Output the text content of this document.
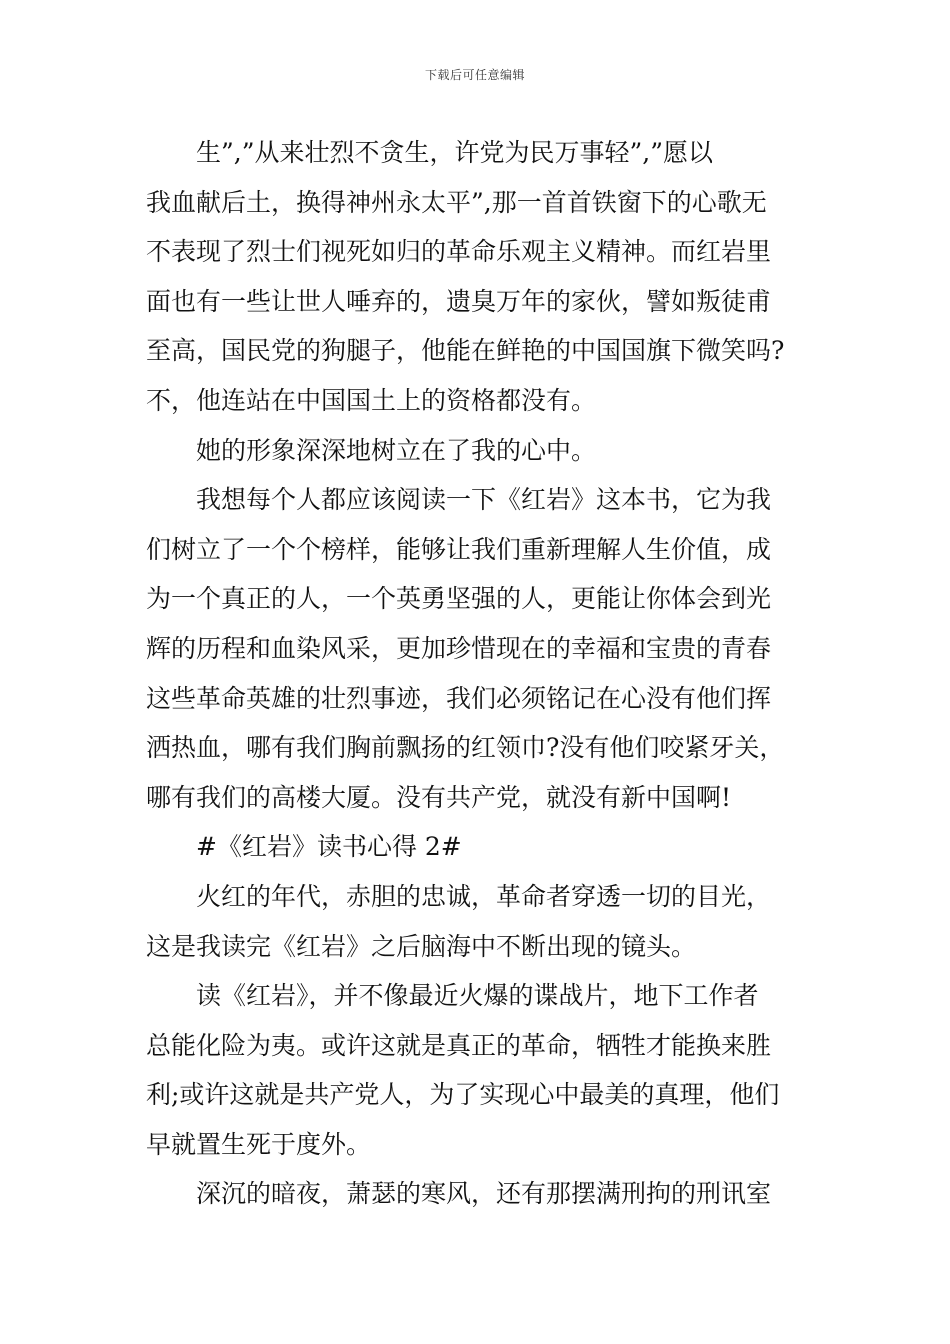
下载后可任意编辑
生”,”从来壮烈不贪生，许党为民万事轻”,”愿以
我血献后土，换得神州永太平”,那一首首铁窗下的心歌无
不表现了烈士们视死如归的革命乐观主义精神。而红岩里
面也有一些让世人唾弃的，遗臭万年的家伙，譬如叛徒甫
至高，国民党的狗腿子，他能在鲜艳的中国国旗下微笑吗?
不，他连站在中国国土上的资格都没有。
她的形象深深地树立在了我的心中。
我想每个人都应该阅读一下《红岩》这本书，它为我
们树立了一个个榜样，能够让我们重新理解人生价值，成
为一个真正的人，一个英勇坚强的人，更能让你体会到光
辉的历程和血染风采，更加珍惜现在的幸福和宝贵的青春
这些革命英雄的壮烈事迹，我们必须铭记在心没有他们挥
洒热血，哪有我们胸前飘扬的红领巾?没有他们咬紧牙关，
哪有我们的高楼大厦。没有共产党，就没有新中国啊!
#《红岩》读书心得 2#
火红的年代，赤胆的忠诚，革命者穿透一切的目光，
这是我读完《红岩》之后脑海中不断出现的镜头。
读《红岩》，并不像最近火爆的谍战片，地下工作者
总能化险为夷。或许这就是真正的革命，牺牲才能换来胜
利;或许这就是共产党人，为了实现心中最美的真理，他们
早就置生死于度外。
深沉的暗夜，萧瑟的寒风，还有那摆满刑拘的刑讯室
